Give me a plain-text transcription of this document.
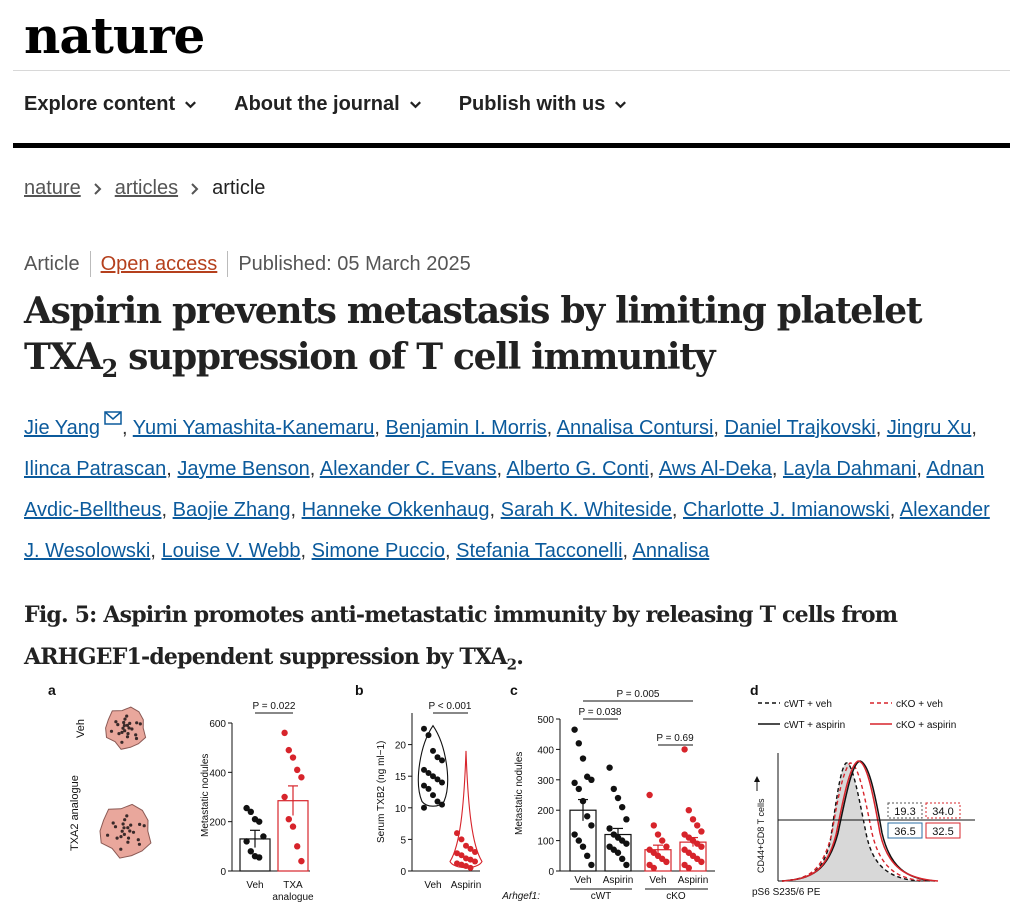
nature
Explore content	About the journal	Publish with us
nature articles article
Article Open access Published: 05 March 2025
Aspirin prevents metastasis by limiting platelet $TXA_2$ suppression of T cell immunity
Jie Yang , Yumi Yamashita-Kanemaru, Benjamin I. Morris, Annalisa Contursi, Daniel Trajkovski, Jingru Xu, Ilinca Patrascan, Jayme Benson, Alexander C. Evans, Alberto G. Conti, Aws Al-Deka, Layla Dahmani, Adnan Avdic-Belltheus, Baojie Zhang, Hanneke Okkenhaug, Sarah K. Whiteside, Charlotte J. Imianowski, Alexander J. Wesolowski, Louise V. Webb, Simone Puccio, Stefania Tacconelli, Annalisa
Fig. 5: Aspirin promotes anti-metastatic immunity by releasing T cells from ARHGEF1-dependent suppression by $TXA_2$.
a	b	c	d
Veh
TXA2 analogue
0
200
400
600
Metastatic nodules
Veh TXA
analogue
P = 0.022
0
5
10
15
20
Serum TXB2 (ng ml−1)
Veh Aspirin
P < 0.001
0
100
200
300
400
500
Metastatic nodules
Veh Aspirin Veh Aspirin
Arhgef1:	cWT	cKO
P = 0.005
P = 0.038
P = 0.69
cWT + veh	cKO + veh
cWT + aspirin	cKO + aspirin
CD44+CD8 T cells
pS6 S235/6 PE
19.3 34.0
36.5 32.5
